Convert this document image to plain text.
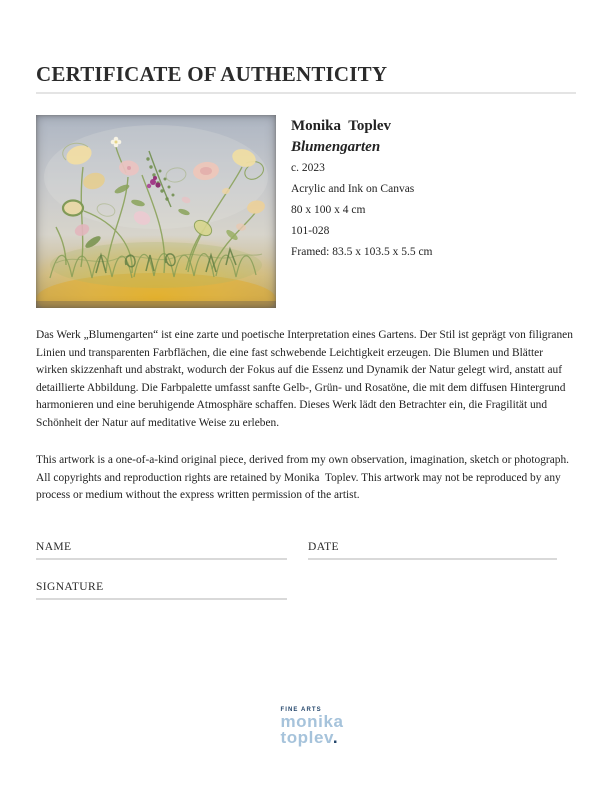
CERTIFICATE OF AUTHENTICITY
Monika  Toplev
Blumengarten
c. 2023
Acrylic and Ink on Canvas
80 x 100 x 4 cm
101-028
Framed: 83.5 x 103.5 x 5.5 cm

Das Werk „Blumengarten“ ist eine zarte und poetische Interpretation eines Gartens. Der Stil ist geprägt von filigranen Linien und transparenten Farbflächen, die eine fast schwebende Leichtigkeit erzeugen. Die Blumen und Blätter wirken skizzenhaft und abstrakt, wodurch der Fokus auf die Essenz und Dynamik der Natur gelegt wird, anstatt auf detaillierte Abbildung. Die Farbpalette umfasst sanfte Gelb-, Grün- und Rosatöne, die mit dem diffusen Hintergrund harmonieren und eine beruhigende Atmosphäre schaffen. Dieses Werk lädt den Betrachter ein, die Fragilität und Schönheit der Natur auf meditative Weise zu erleben.

This artwork is a one-of-a-kind original piece, derived from my own observation, imagination, sketch or photograph. All copyrights and reproduction rights are retained by Monika  Toplev. This artwork may not be reproduced by any process or medium without the express written permission of the artist.

NAME	DATE
SIGNATURE
FINE ARTS
monika
toplev.
